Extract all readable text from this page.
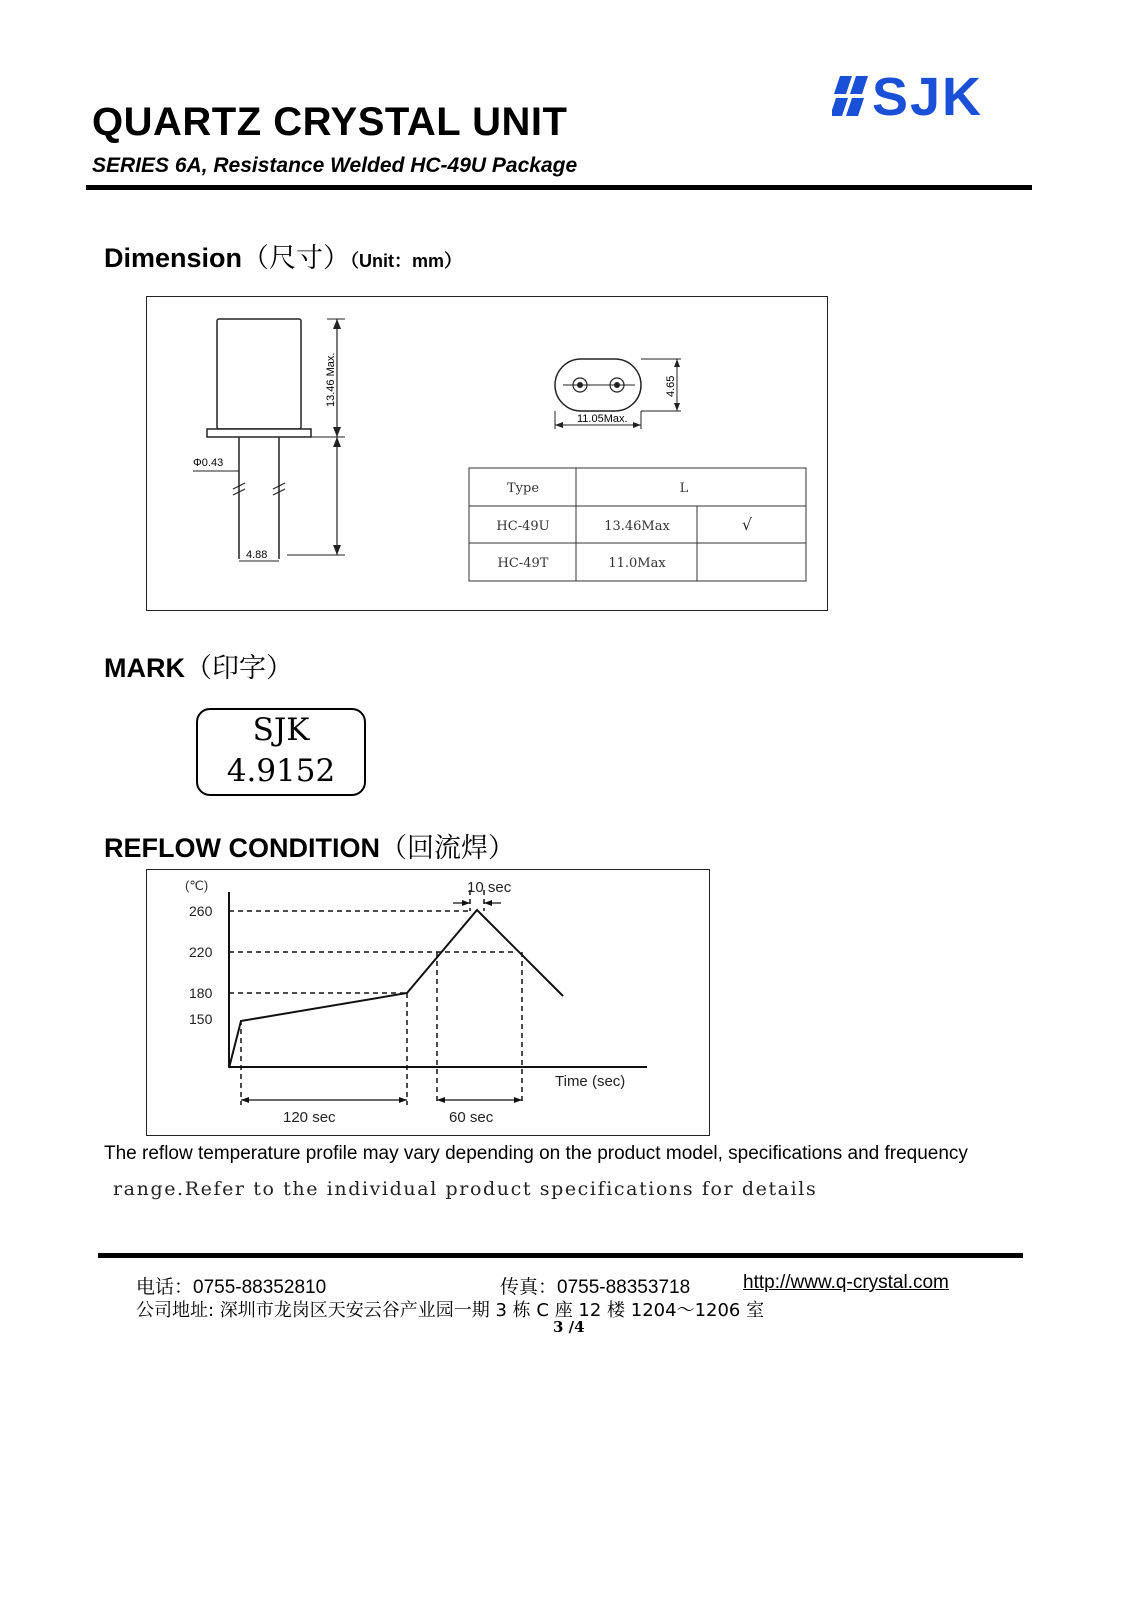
QUARTZ CRYSTAL UNIT
SERIES 6A, Resistance Welded HC-49U Package
SJK
Dimension（尺寸）（Unit：mm）
13.46 Max.
Φ0.43
4.88
11.05Max.
4.65
Type	L
HC-49U	13.46Max	√
HC-49T	11.0Max
MARK（印字）
SJK
4.9152
REFLOW CONDITION（回流焊）
(℃)
260
220
180
150
10 sec
120 sec	60 sec
Time (sec)
The reflow temperature profile may vary depending on the product model, specifications and frequency
range.Refer to the individual product specifications for details
电话：0755-88352810	传真：0755-88353718	http://www.q-crystal.com
公司地址: 深圳市龙岗区天安云谷产业园一期 3 栋 C 座 12 楼 1204～1206 室
3 /4
